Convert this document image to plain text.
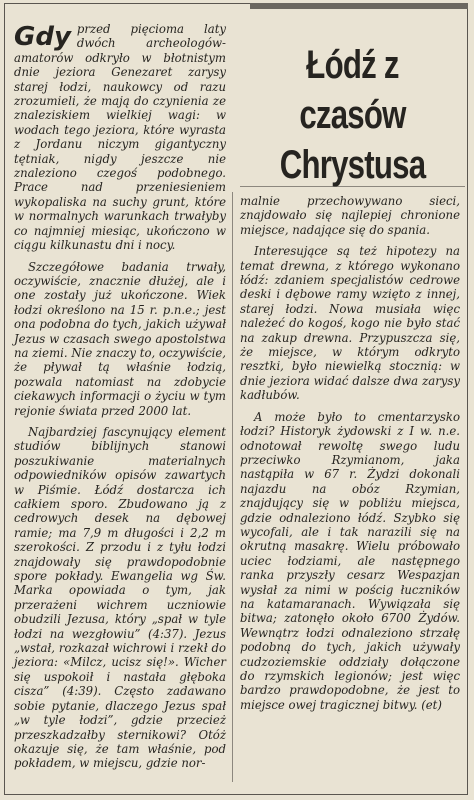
Łódź z czasów
Chrystusa

Gdy przed pięcioma laty dwóch archeologów-amatorów odkryło w błotnistym dnie jeziora Genezaret zarysy starej łodzi, naukowcy od razu zrozumieli, że mają do czynienia ze znaleziskiem wielkiej wagi: w wodach tego jeziora, które wyrasta z Jordanu niczym gigantyczny tętniak, nigdy jeszcze nie znaleziono czegoś podobnego. Prace nad przeniesieniem wykopaliska na suchy grunt, które w normalnych warunkach trwałyby co najmniej miesiąc, ukończono w ciągu kilkunastu dni i nocy.

Szczegółowe badania trwały, oczywiście, znacznie dłużej, ale i one zostały już ukończone. Wiek łodzi określono na 15 r. p.n.e.; jest ona podobna do tych, jakich używał Jezus w czasach swego apostolstwa na ziemi. Nie znaczy to, oczywiście, że pływał tą właśnie łodzią, pozwala natomiast na zdobycie ciekawych informacji o życiu w tym rejonie świata przed 2000 lat.

Najbardziej fascynujący element studiów biblijnych stanowi poszukiwanie materialnych odpowiedników opisów zawartych w Piśmie. Łódź dostarcza ich całkiem sporo. Zbudowano ją z cedrowych desek na dębowej ramie; ma 7,9 m długości i 2,2 m szerokości. Z przodu i z tyłu łodzi znajdowały się prawdopodobnie spore pokłady. Ewangelia wg Św. Marka opowiada o tym, jak przerażeni wichrem uczniowie obudzili Jezusa, który „spał w tyle łodzi na wezgłowiu” (4:37). Jezus „wstał, rozkazał wichrowi i rzekł do jeziora: «Milcz, ucisz się!». Wicher się uspokoił i nastała głęboka cisza” (4:39). Często zadawano sobie pytanie, dlaczego Jezus spał „w tyle łodzi”, gdzie przecież przeszkadzałby sternikowi? Otóż okazuje się, że tam właśnie, pod pokładem, w miejscu, gdzie nor-

malnie przechowywano sieci, znajdowało się najlepiej chronione miejsce, nadające się do spania.

Interesujące są też hipotezy na temat drewna, z którego wykonano łódź: zdaniem specjalistów cedrowe deski i dębowe ramy wzięto z innej, starej łodzi. Nowa musiała więc należeć do kogoś, kogo nie było stać na zakup drewna. Przypuszcza się, że miejsce, w którym odkryto resztki, było niewielką stocznią: w dnie jeziora widać dalsze dwa zarysy kadłubów.

A może było to cmentarzysko łodzi? Historyk żydowski z I w. n.e. odnotował rewoltę swego ludu przeciwko Rzymianom, jaka nastąpiła w 67 r. Żydzi dokonali najazdu na obóz Rzymian, znajdujący się w pobliżu miejsca, gdzie odnaleziono łódź. Szybko się wycofali, ale i tak narazili się na okrutną masakrę. Wielu próbowało uciec łodziami, ale następnego ranka przyszły cesarz Wespazjan wysłał za nimi w pościg łuczników na katamaranach. Wywiązała się bitwa; zatonęło około 6700 Żydów. Wewnątrz łodzi odnaleziono strzałę podobną do tych, jakich używały cudzoziemskie oddziały dołączone do rzymskich legionów; jest więc bardzo prawdopodobne, że jest to miejsce owej tragicznej bitwy. (et)
